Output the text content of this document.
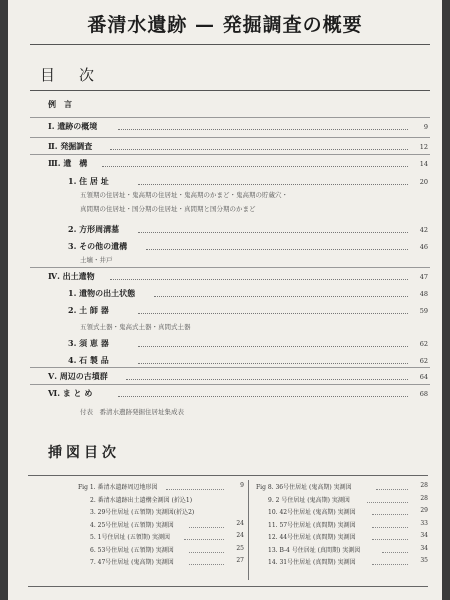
番清水遺跡 — 発掘調査の概要
目次
例　言
Ⅰ. 遺跡の概境	9
Ⅱ. 発掘調査	12
Ⅲ. 遺　構	14
1. 住 居 址	20
五領期の住居址・鬼高期の住居址・鬼高期のかまど・鬼高期の貯蔵穴・
真間期の住居址・国分期の住居址・真間期と国分期のかまど
2. 方形周溝墓	42
3. その他の遺構	46
土壙・井戸
Ⅳ. 出土遺物	47
1. 遺物の出土状態	48
2. 土 師 器	59
五領式土器・鬼高式土器・真間式土器
3. 須 恵 器	62
4. 石 製 品	62
Ⅴ. 周辺の古墳群	64
Ⅵ. ま と め	68
付表　番清水遺跡発掘住居址集成表
挿図目次
Fig 1. 番清水遺跡周辺地形図	9
2. 番清水遺跡出土遺構全測図 (折込1)
3. 29号住居址 (五領期) 実測図(折込2)
4. 25号住居址 (五領期) 実測図	24
5. 1号住居址 (五領期) 実測図	24
6. 53号住居址 (五領期) 実測図	25
7. 47号住居址 (鬼高期) 実測図	27
Fig 8. 36号住居址 (鬼高期) 実測図	28
9. 2 号住居址 (鬼高期) 実測図	28
10. 42号住居址 (鬼高期) 実測図	29
11. 57号住居址 (真間期) 実測図	33
12. 44号住居址 (真間期) 実測図	34
13. B-4 号住居址 (真間期) 実測図	34
14. 31号住居址 (真間期) 実測図	35
